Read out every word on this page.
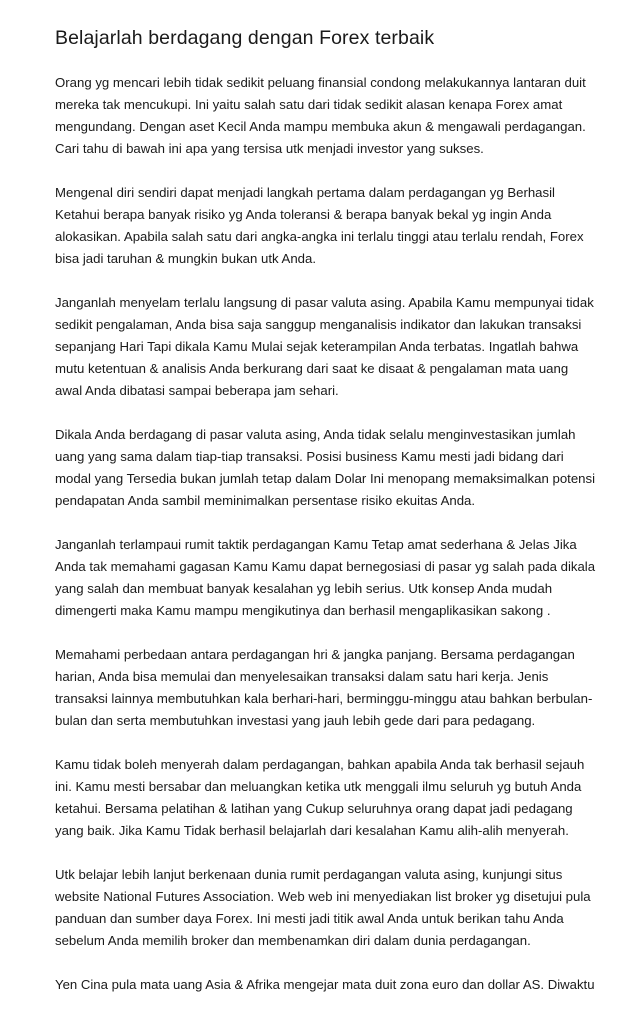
Belajarlah berdagang dengan Forex terbaik

Orang yg mencari lebih tidak sedikit peluang finansial condong melakukannya lantaran duit
mereka tak mencukupi. Ini yaitu salah satu dari tidak sedikit alasan kenapa Forex amat
mengundang. Dengan aset Kecil Anda mampu membuka akun & mengawali perdagangan.
Cari tahu di bawah ini apa yang tersisa utk menjadi investor yang sukses.

Mengenal diri sendiri dapat menjadi langkah pertama dalam perdagangan yg Berhasil
Ketahui berapa banyak risiko yg Anda toleransi & berapa banyak bekal yg ingin Anda
alokasikan. Apabila salah satu dari angka-angka ini terlalu tinggi atau terlalu rendah, Forex
bisa jadi taruhan & mungkin bukan utk Anda.

Janganlah menyelam terlalu langsung di pasar valuta asing. Apabila Kamu mempunyai tidak
sedikit pengalaman, Anda bisa saja sanggup menganalisis indikator dan lakukan transaksi
sepanjang Hari Tapi dikala Kamu Mulai sejak keterampilan Anda terbatas. Ingatlah bahwa
mutu ketentuan & analisis Anda berkurang dari saat ke disaat & pengalaman mata uang
awal Anda dibatasi sampai beberapa jam sehari.

Dikala Anda berdagang di pasar valuta asing, Anda tidak selalu menginvestasikan jumlah
uang yang sama dalam tiap-tiap transaksi. Posisi business Kamu mesti jadi bidang dari
modal yang Tersedia bukan jumlah tetap dalam Dolar Ini menopang memaksimalkan potensi
pendapatan Anda sambil meminimalkan persentase risiko ekuitas Anda.

Janganlah terlampaui rumit taktik perdagangan Kamu Tetap amat sederhana & Jelas Jika
Anda tak memahami gagasan Kamu Kamu dapat bernegosiasi di pasar yg salah pada dikala
yang salah dan membuat banyak kesalahan yg lebih serius. Utk konsep Anda mudah
dimengerti maka Kamu mampu mengikutinya dan berhasil mengaplikasikan sakong .

Memahami perbedaan antara perdagangan hri & jangka panjang. Bersama perdagangan
harian, Anda bisa memulai dan menyelesaikan transaksi dalam satu hari kerja. Jenis
transaksi lainnya membutuhkan kala berhari-hari, berminggu-minggu atau bahkan berbulan-
bulan dan serta membutuhkan investasi yang jauh lebih gede dari para pedagang.

Kamu tidak boleh menyerah dalam perdagangan, bahkan apabila Anda tak berhasil sejauh
ini. Kamu mesti bersabar dan meluangkan ketika utk menggali ilmu seluruh yg butuh Anda
ketahui. Bersama pelatihan & latihan yang Cukup seluruhnya orang dapat jadi pedagang
yang baik. Jika Kamu Tidak berhasil belajarlah dari kesalahan Kamu alih-alih menyerah.

Utk belajar lebih lanjut berkenaan dunia rumit perdagangan valuta asing, kunjungi situs
website National Futures Association. Web web ini menyediakan list broker yg disetujui pula
panduan dan sumber daya Forex. Ini mesti jadi titik awal Anda untuk berikan tahu Anda
sebelum Anda memilih broker dan membenamkan diri dalam dunia perdagangan.

Yen Cina pula mata uang Asia & Afrika mengejar mata duit zona euro dan dollar AS. Diwaktu
